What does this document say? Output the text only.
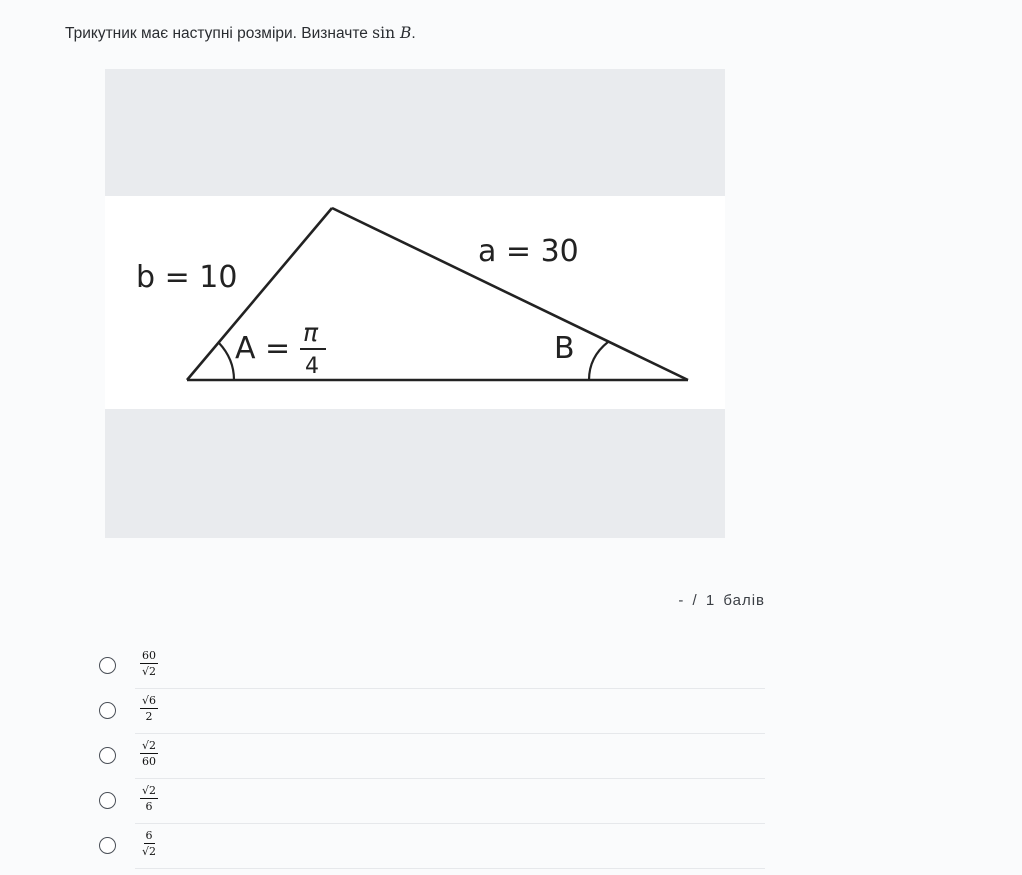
Трикутник має наступні розміри. Визначте sin B.
b = 10
a = 30
A = π
4
B
- / 1 балів
$\frac{60}{√2}$
$\frac{√6}{2}$
$\frac{√2}{60}$
$\frac{√2}{6}$
$\frac{6}{√2}$
